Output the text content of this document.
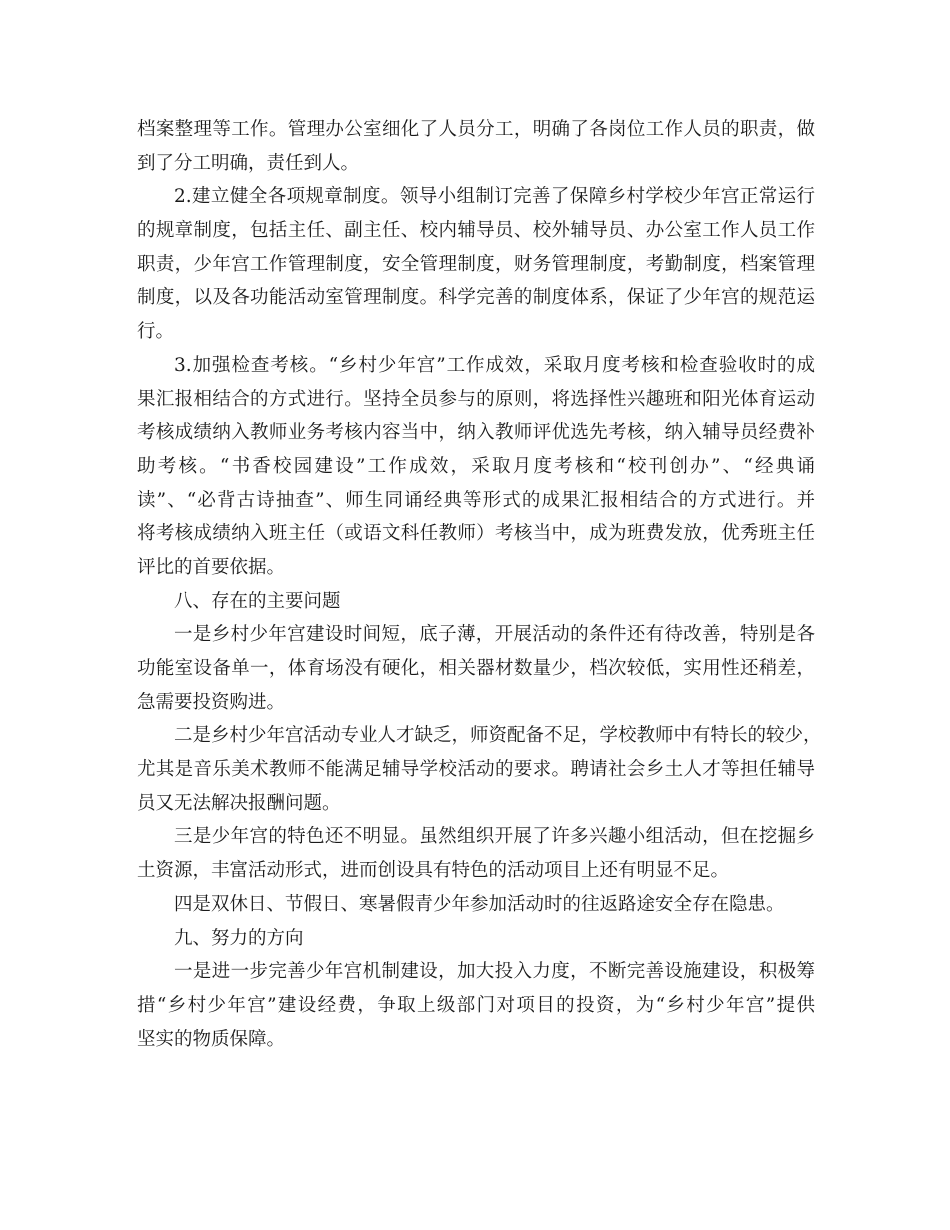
档案整理等工作。管理办公室细化了人员分工，明确了各岗位工作人员的职责，做
到了分工明确，责任到人。
2.建立健全各项规章制度。领导小组制订完善了保障乡村学校少年宫正常运行
的规章制度，包括主任、副主任、校内辅导员、校外辅导员、办公室工作人员工作
职责，少年宫工作管理制度，安全管理制度，财务管理制度，考勤制度，档案管理
制度，以及各功能活动室管理制度。科学完善的制度体系，保证了少年宫的规范运
行。
3.加强检查考核。“乡村少年宫”工作成效，采取月度考核和检查验收时的成
果汇报相结合的方式进行。坚持全员参与的原则，将选择性兴趣班和阳光体育运动
考核成绩纳入教师业务考核内容当中，纳入教师评优选先考核，纳入辅导员经费补
助考核。“书香校园建设”工作成效，采取月度考核和“校刊创办”、“经典诵
读”、“必背古诗抽查”、师生同诵经典等形式的成果汇报相结合的方式进行。并
将考核成绩纳入班主任（或语文科任教师）考核当中，成为班费发放，优秀班主任
评比的首要依据。
八、存在的主要问题
一是乡村少年宫建设时间短，底子薄，开展活动的条件还有待改善，特别是各
功能室设备单一，体育场没有硬化，相关器材数量少，档次较低，实用性还稍差，
急需要投资购进。
二是乡村少年宫活动专业人才缺乏，师资配备不足，学校教师中有特长的较少，
尤其是音乐美术教师不能满足辅导学校活动的要求。聘请社会乡土人才等担任辅导
员又无法解决报酬问题。
三是少年宫的特色还不明显。虽然组织开展了许多兴趣小组活动，但在挖掘乡
土资源，丰富活动形式，进而创设具有特色的活动项目上还有明显不足。
四是双休日、节假日、寒暑假青少年参加活动时的往返路途安全存在隐患。
九、努力的方向
一是进一步完善少年宫机制建设，加大投入力度，不断完善设施建设，积极筹
措“乡村少年宫”建设经费，争取上级部门对项目的投资，为“乡村少年宫”提供
坚实的物质保障。
